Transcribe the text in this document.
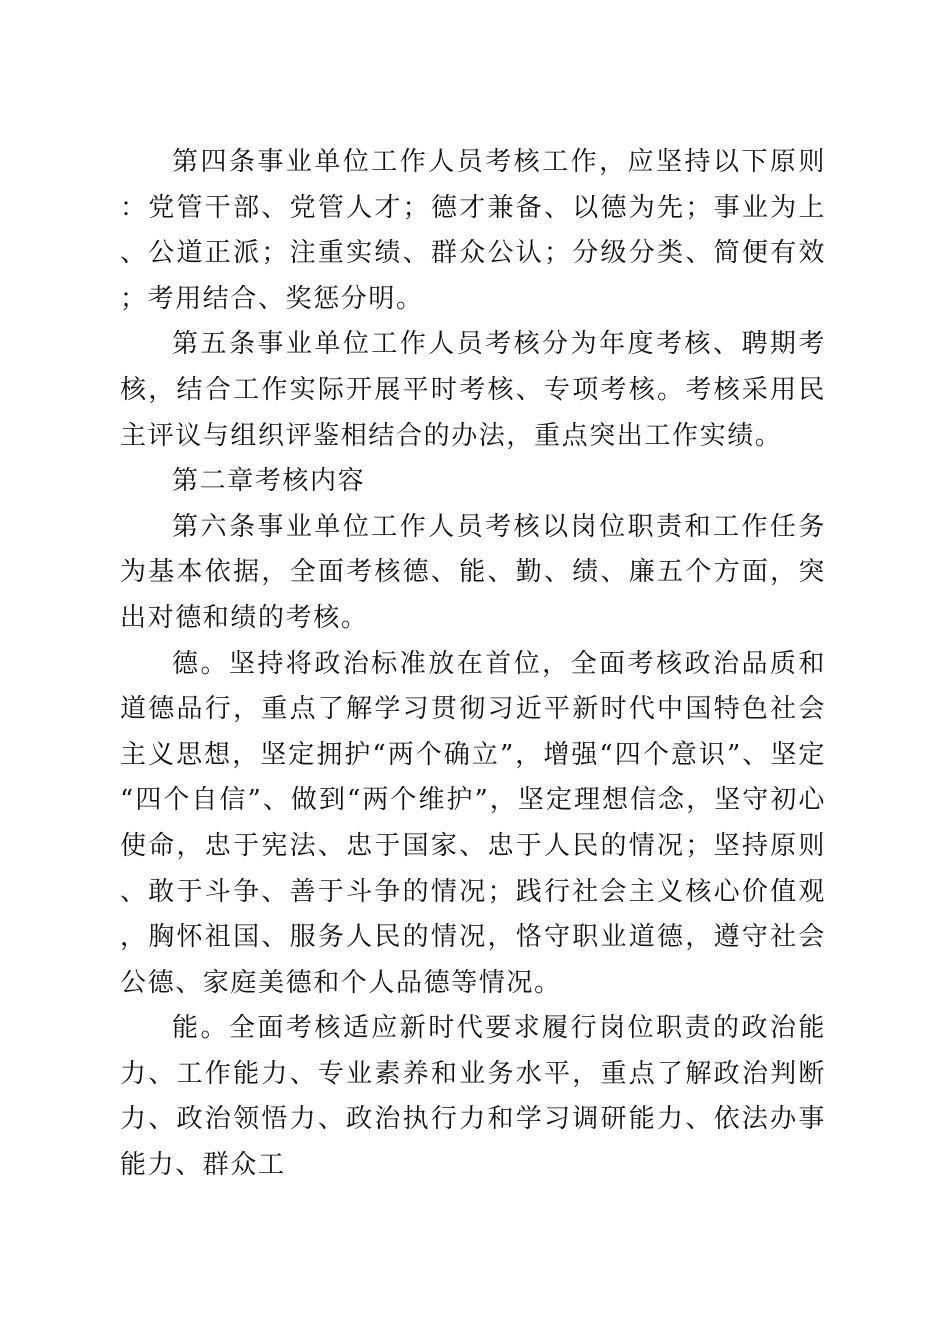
第四条事业单位工作人员考核工作，应坚持以下原则：党管干部、党管人才；德才兼备、以德为先；事业为上、公道正派；注重实绩、群众公认；分级分类、简便有效；考用结合、奖惩分明。

第五条事业单位工作人员考核分为年度考核、聘期考核，结合工作实际开展平时考核、专项考核。考核采用民主评议与组织评鉴相结合的办法，重点突出工作实绩。

第二章考核内容

第六条事业单位工作人员考核以岗位职责和工作任务为基本依据，全面考核德、能、勤、绩、廉五个方面，突出对德和绩的考核。

德。坚持将政治标准放在首位，全面考核政治品质和道德品行，重点了解学习贯彻习近平新时代中国特色社会主义思想，坚定拥护“两个确立”，增强“四个意识”、坚定“四个自信”、做到“两个维护”，坚定理想信念，坚守初心使命，忠于宪法、忠于国家、忠于人民的情况；坚持原则、敢于斗争、善于斗争的情况；践行社会主义核心价值观，胸怀祖国、服务人民的情况，恪守职业道德，遵守社会公德、家庭美德和个人品德等情况。

能。全面考核适应新时代要求履行岗位职责的政治能力、工作能力、专业素养和业务水平，重点了解政治判断力、政治领悟力、政治执行力和学习调研能力、依法办事能力、群众工
